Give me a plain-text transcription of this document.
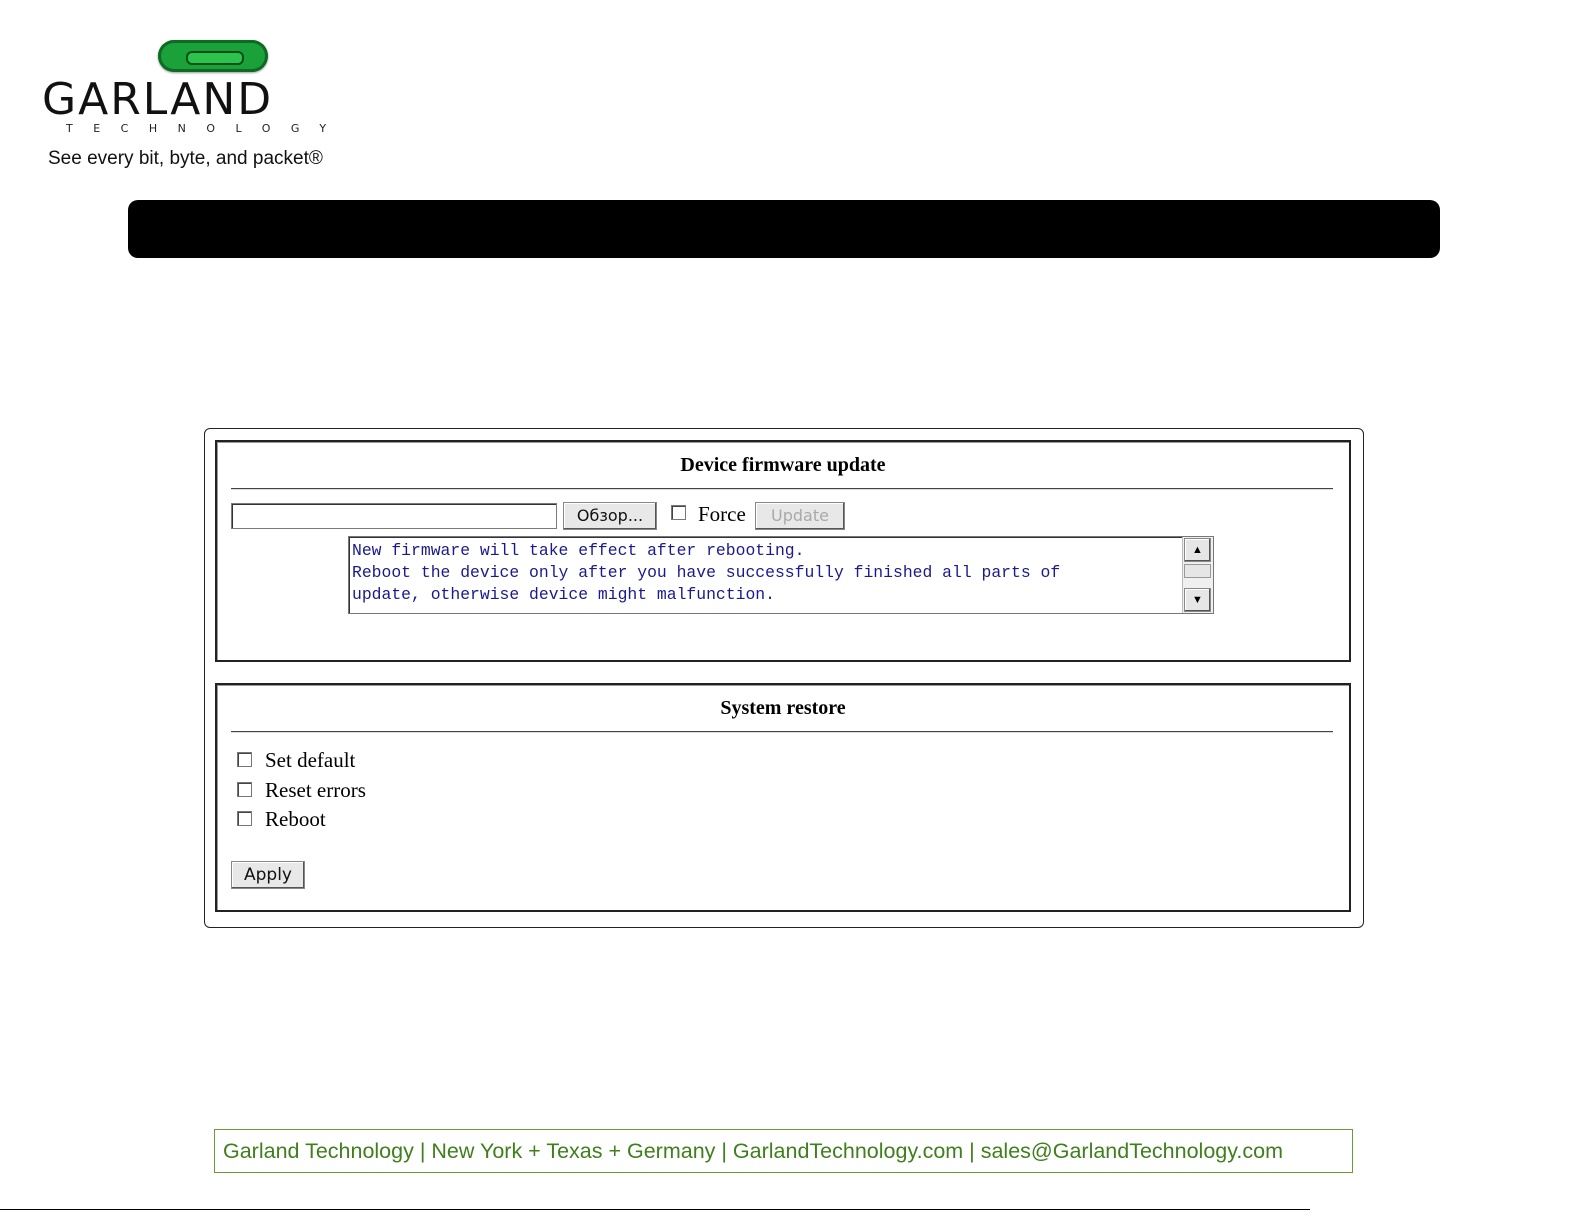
GARLAND
TECHNOLOGY
See every bit, byte, and packet®
Device firmware update
Обзор...	Force	Update
New firmware will take effect after rebooting.
Reboot the device only after you have successfully finished all parts of
update, otherwise device might malfunction.
▲
▼
System restore
Set default
Reset errors
Reboot
Apply
Garland Technology | New York + Texas + Germany | GarlandTechnology.com | sales@GarlandTechnology.com
